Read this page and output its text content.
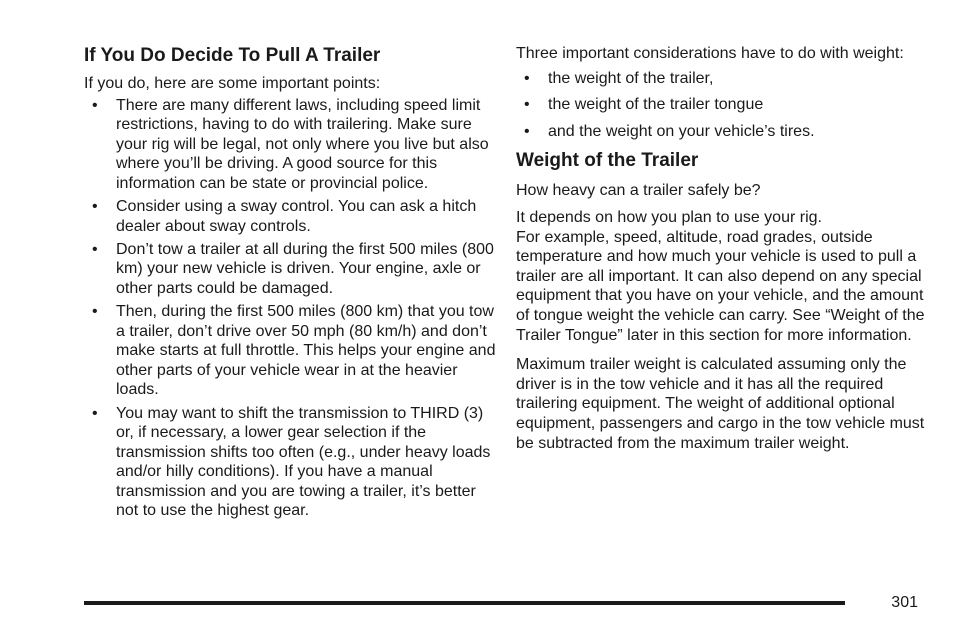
If You Do Decide To Pull A Trailer

If you do, here are some important points:

• There are many different laws, including speed limit restrictions, having to do with trailering. Make sure your rig will be legal, not only where you live but also where you’ll be driving. A good source for this information can be state or provincial police.
• Consider using a sway control. You can ask a hitch dealer about sway controls.
• Don’t tow a trailer at all during the first 500 miles (800 km) your new vehicle is driven. Your engine, axle or other parts could be damaged.
• Then, during the first 500 miles (800 km) that you tow a trailer, don’t drive over 50 mph (80 km/h) and don’t make starts at full throttle. This helps your engine and other parts of your vehicle wear in at the heavier loads.
• You may want to shift the transmission to THIRD (3) or, if necessary, a lower gear selection if the transmission shifts too often (e.g., under heavy loads and/or hilly conditions). If you have a manual transmission and you are towing a trailer, it’s better not to use the highest gear.

Three important considerations have to do with weight:

• the weight of the trailer,
• the weight of the trailer tongue
• and the weight on your vehicle’s tires.
Weight of the Trailer

How heavy can a trailer safely be?

It depends on how you plan to use your rig.
For example, speed, altitude, road grades, outside temperature and how much your vehicle is used to pull a trailer are all important. It can also depend on any special equipment that you have on your vehicle, and the amount of tongue weight the vehicle can carry. See “Weight of the Trailer Tongue” later in this section for more information.

Maximum trailer weight is calculated assuming only the driver is in the tow vehicle and it has all the required trailering equipment. The weight of additional optional equipment, passengers and cargo in the tow vehicle must be subtracted from the maximum trailer weight.

301
